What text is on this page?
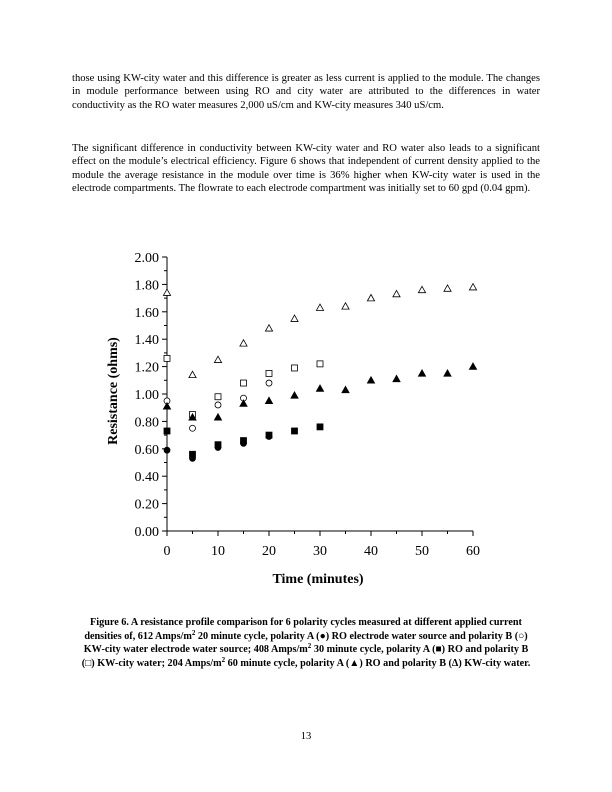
those using KW-city water and this difference is greater as less current is applied to the module. The changes in module performance between using RO and city water are attributed to the differences in water conductivity as the RO water measures 2,000 uS/cm and KW-city measures 340 uS/cm.

The significant difference in conductivity between KW-city water and RO water also leads to a significant effect on the module’s electrical efficiency. Figure 6 shows that independent of current density applied to the module the average resistance in the module over time is 36% higher when KW-city water is used in the electrode compartments. The flowrate to each electrode compartment was initially set to 60 gpd (0.04 gpm).

0.00
0.20
0.40
0.60
0.80
1.00
1.20
1.40
1.60
1.80
2.00
0	10	20	30	40	50	60
Time (minutes)
Resistance (ohms)

Figure 6. A resistance profile comparison for 6 polarity cycles measured at different applied current densities of, 612 Amps/$m^2$ 20 minute cycle, polarity A (●) RO electrode water source and polarity B (○) KW-city water electrode water source; 408 Amps/$m^2$ 30 minute cycle, polarity A (■) RO and polarity B (□) KW-city water; 204 Amps/$m^2$ 60 minute cycle, polarity A (▲) RO and polarity B (Δ) KW-city water.

13
